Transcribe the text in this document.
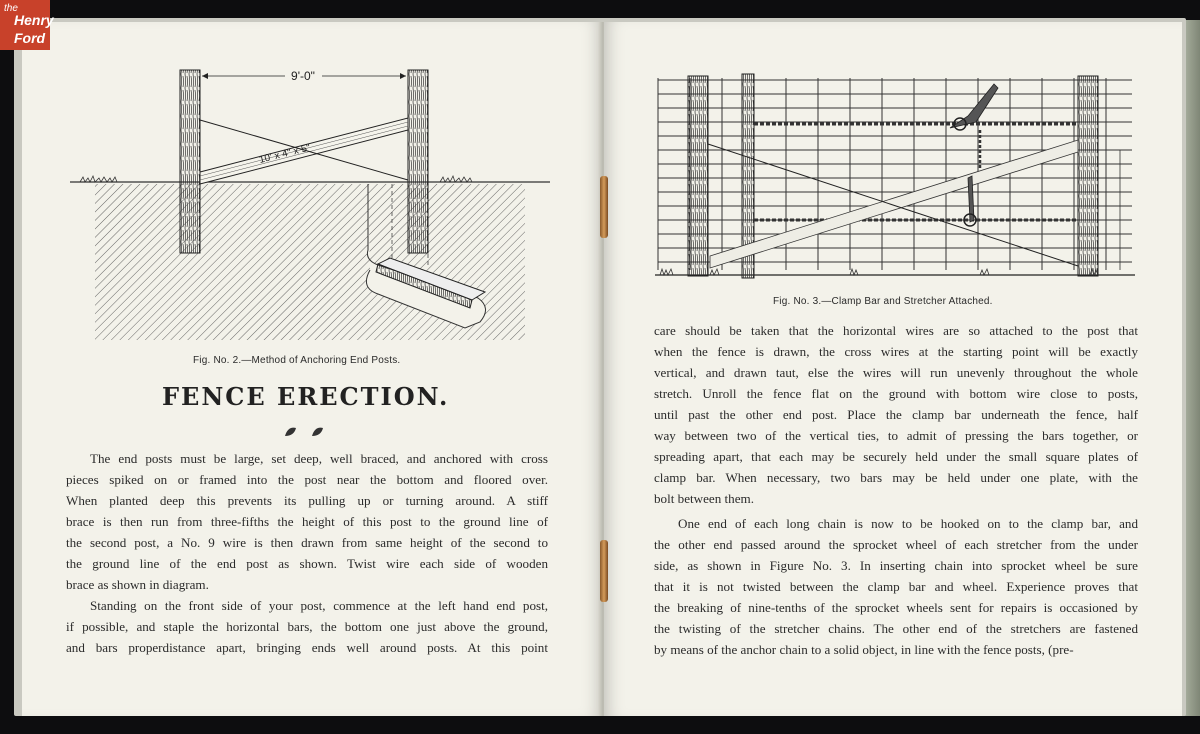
the
Henry
Ford
9'-0"
10' x 4" x 5"
Fig. No. 2.—Method of Anchoring End Posts.
FENCE ERECTION.

The end posts must be large, set deep, well braced, and anchored with cross

pieces spiked on or framed into the post near the bottom and floored over.

When planted deep this prevents its pulling up or turning around. A stiff

brace is then run from three-fifths the height of this post to the ground line of

the second post, a No. 9 wire is then drawn from same height of the second to

the ground line of the end post as shown. Twist wire each side of wooden

brace as shown in diagram.

Standing on the front side of your post, commence at the left hand end post,

if possible, and staple the horizontal bars, the bottom one just above the ground,

and bars properdistance apart, bringing ends well around posts. At this point

Fig. No. 3.—Clamp Bar and Stretcher Attached.

care should be taken that the horizontal wires are so attached to the post that

when the fence is drawn, the cross wires at the starting point will be exactly

vertical, and drawn taut, else the wires will run unevenly throughout the whole

stretch. Unroll the fence flat on the ground with bottom wire close to posts,

until past the other end post. Place the clamp bar underneath the fence, half

way between two of the vertical ties, to admit of pressing the bars together, or

spreading apart, that each may be securely held under the small square plates of

clamp bar. When necessary, two bars may be held under one plate, with the

bolt between them.

One end of each long chain is now to be hooked on to the clamp bar, and

the other end passed around the sprocket wheel of each stretcher from the under

side, as shown in Figure No. 3. In inserting chain into sprocket wheel be sure

that it is not twisted between the clamp bar and wheel. Experience proves that

the breaking of nine-tenths of the sprocket wheels sent for repairs is occasioned by

the twisting of the stretcher chains. The other end of the stretchers are fastened

by means of the anchor chain to a solid object, in line with the fence posts, (pre-
